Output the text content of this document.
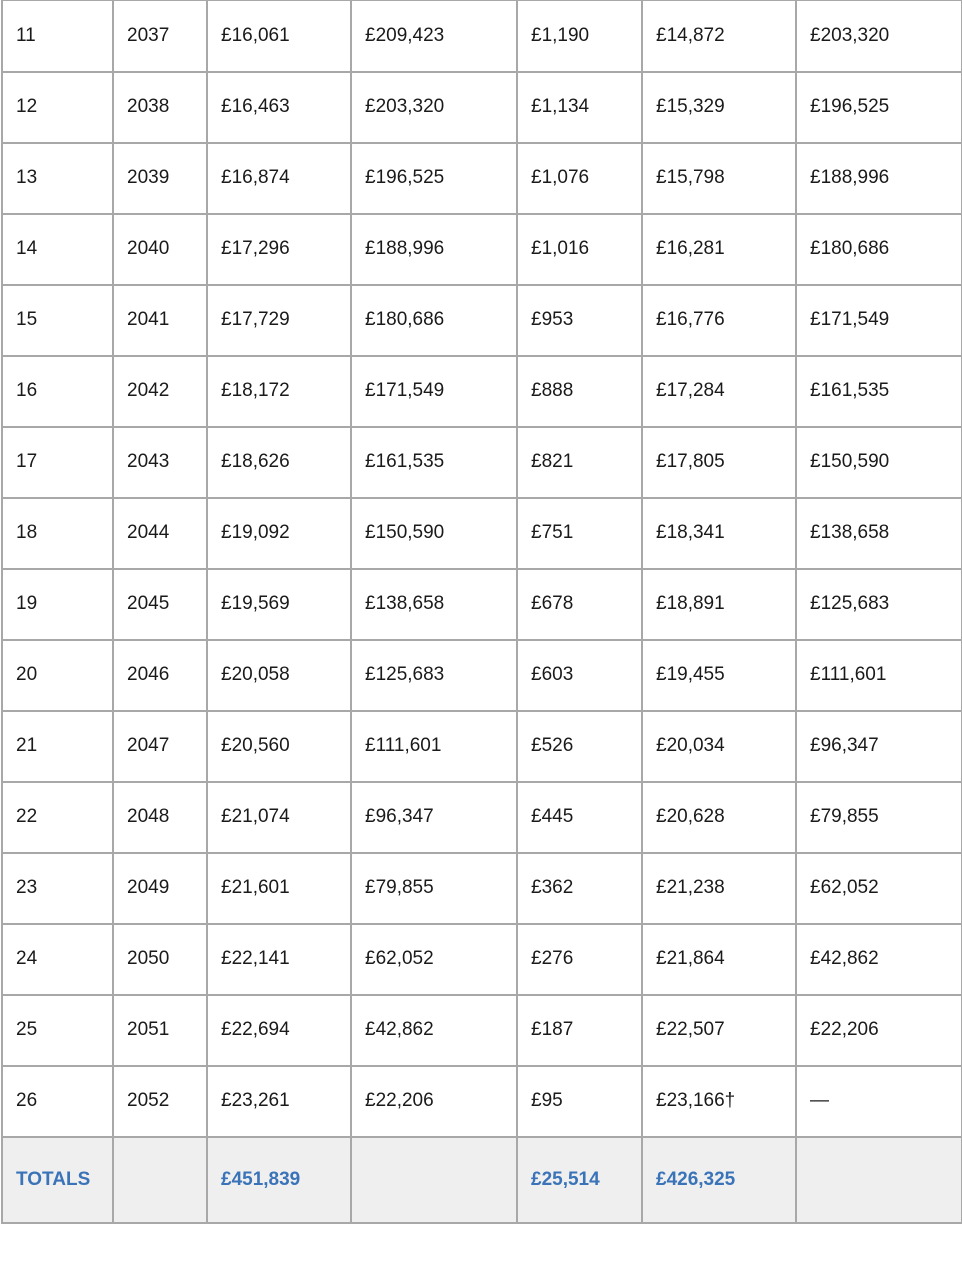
11	2037	£16,061	£209,423	£1,190	£14,872	£203,320
12	2038	£16,463	£203,320	£1,134	£15,329	£196,525
13	2039	£16,874	£196,525	£1,076	£15,798	£188,996
14	2040	£17,296	£188,996	£1,016	£16,281	£180,686
15	2041	£17,729	£180,686	£953	£16,776	£171,549
16	2042	£18,172	£171,549	£888	£17,284	£161,535
17	2043	£18,626	£161,535	£821	£17,805	£150,590
18	2044	£19,092	£150,590	£751	£18,341	£138,658
19	2045	£19,569	£138,658	£678	£18,891	£125,683
20	2046	£20,058	£125,683	£603	£19,455	£111,601
21	2047	£20,560	£111,601	£526	£20,034	£96,347
22	2048	£21,074	£96,347	£445	£20,628	£79,855
23	2049	£21,601	£79,855	£362	£21,238	£62,052
24	2050	£22,141	£62,052	£276	£21,864	£42,862
25	2051	£22,694	£42,862	£187	£22,507	£22,206
26	2052	£23,261	£22,206	£95	£23,166†	—
TOTALS		£451,839		£25,514	£426,325	
